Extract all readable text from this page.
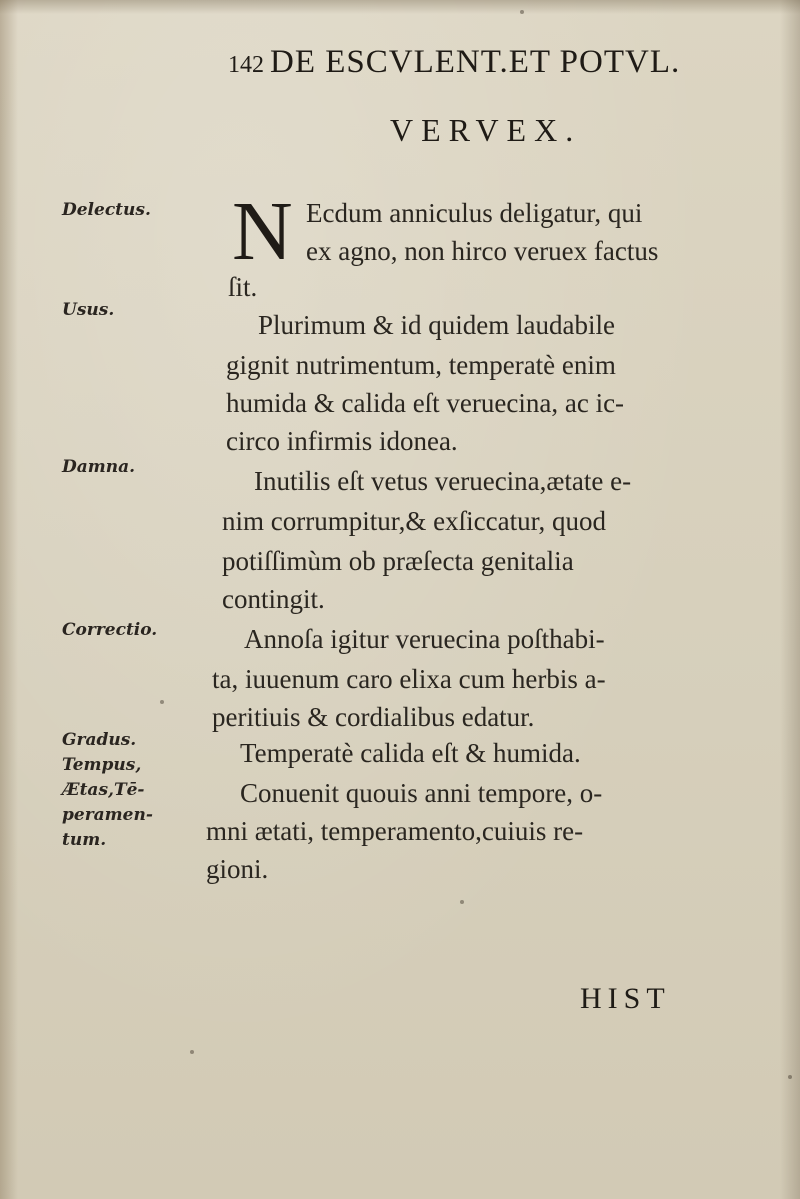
142 DE ESCVLENT.ET POTVL.
VERVEX.
Delectus.
Usus.
Damna.
Correctio.
Gradus.
Tempus,
Ætas,Tē-
peramen-
tum.
N Ecdum anniculus deligatur, qui
ex agno, non hirco veruex factus
ſit.
Plurimum & id quidem laudabile
gignit nutrimentum, temperatè enim
humida & calida eſt veruecina, ac ic-
circo infirmis idonea.
Inutilis eſt vetus veruecina,ætate e-
nim corrumpitur,& exſiccatur, quod
potiſſimùm ob præſecta genitalia
contingit.
Annoſa igitur veruecina poſthabi-
ta, iuuenum caro elixa cum herbis a-
peritiuis & cordialibus edatur.
Temperatè calida eſt & humida.
Conuenit quouis anni tempore, o-
mni ætati, temperamento,cuiuis re-
gioni.
HIST
